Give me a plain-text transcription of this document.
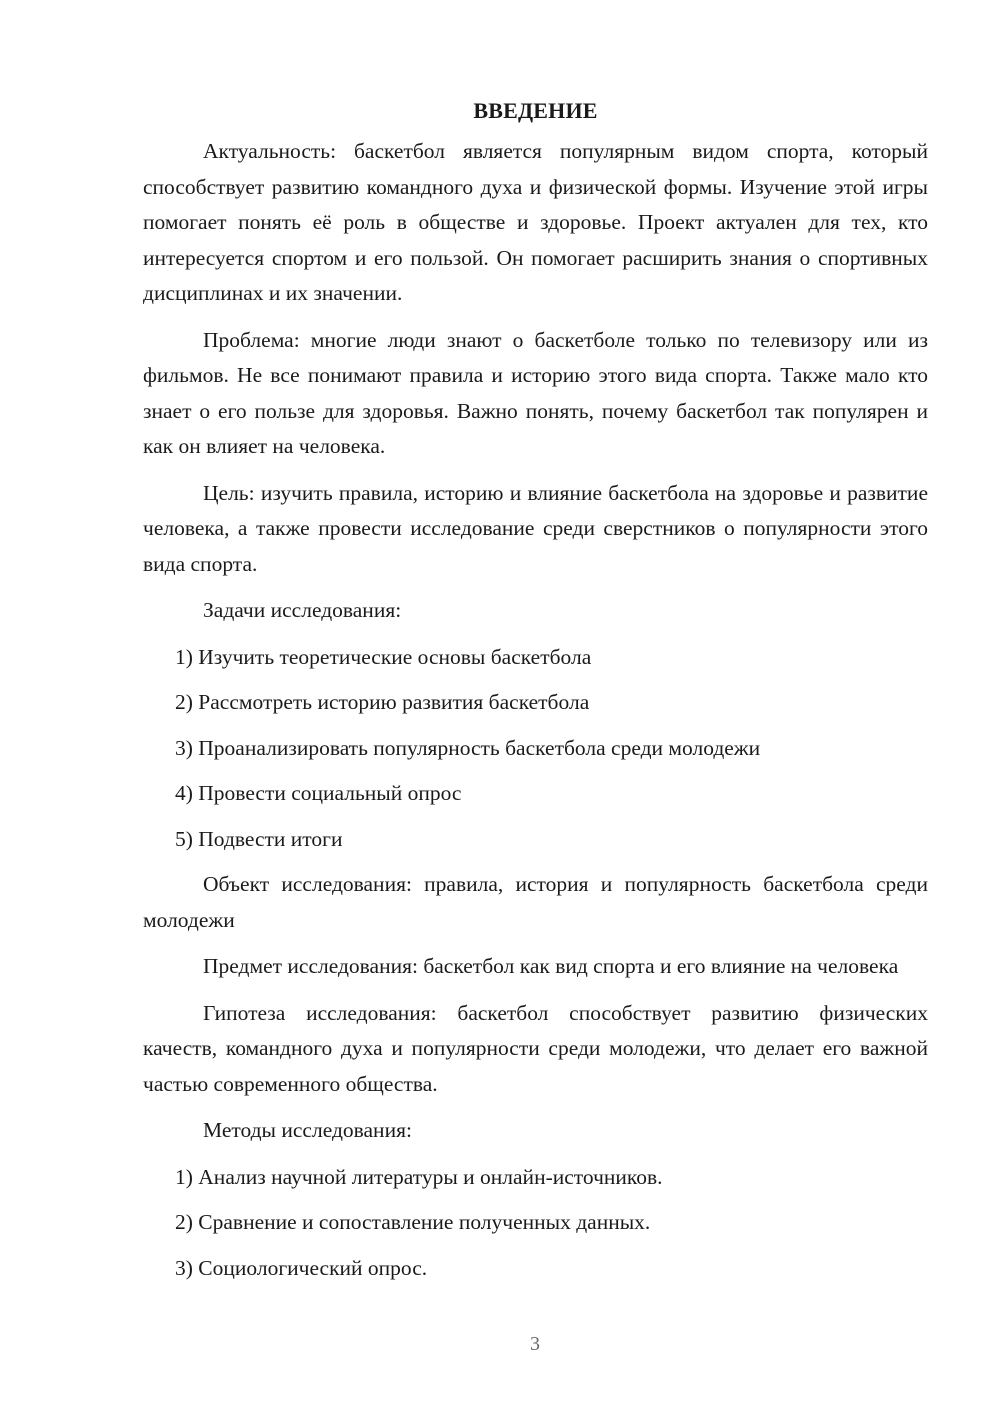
ВВЕДЕНИЕ

Актуальность: баскетбол является популярным видом спорта, который способствует развитию командного духа и физической формы. Изучение этой игры помогает понять её роль в обществе и здоровье. Проект актуален для тех, кто интересуется спортом и его пользой. Он помогает расширить знания о спортивных дисциплинах и их значении.

Проблема: многие люди знают о баскетболе только по телевизору или из фильмов. Не все понимают правила и историю этого вида спорта. Также мало кто знает о его пользе для здоровья. Важно понять, почему баскетбол так популярен и как он влияет на человека.

Цель: изучить правила, историю и влияние баскетбола на здоровье и развитие человека, а также провести исследование среди сверстников о популярности этого вида спорта.

Задачи исследования:

1) Изучить теоретические основы баскетбола
2) Рассмотреть историю развития баскетбола
3) Проанализировать популярность баскетбола среди молодежи
4) Провести социальный опрос
5) Подвести итоги

Объект исследования: правила, история и популярность баскетбола среди молодежи

Предмет исследования: баскетбол как вид спорта и его влияние на человека

Гипотеза исследования: баскетбол способствует развитию физических качеств, командного духа и популярности среди молодежи, что делает его важной частью современного общества.

Методы исследования:

1) Анализ научной литературы и онлайн-источников.
2) Сравнение и сопоставление полученных данных.
3) Социологический опрос.
3
